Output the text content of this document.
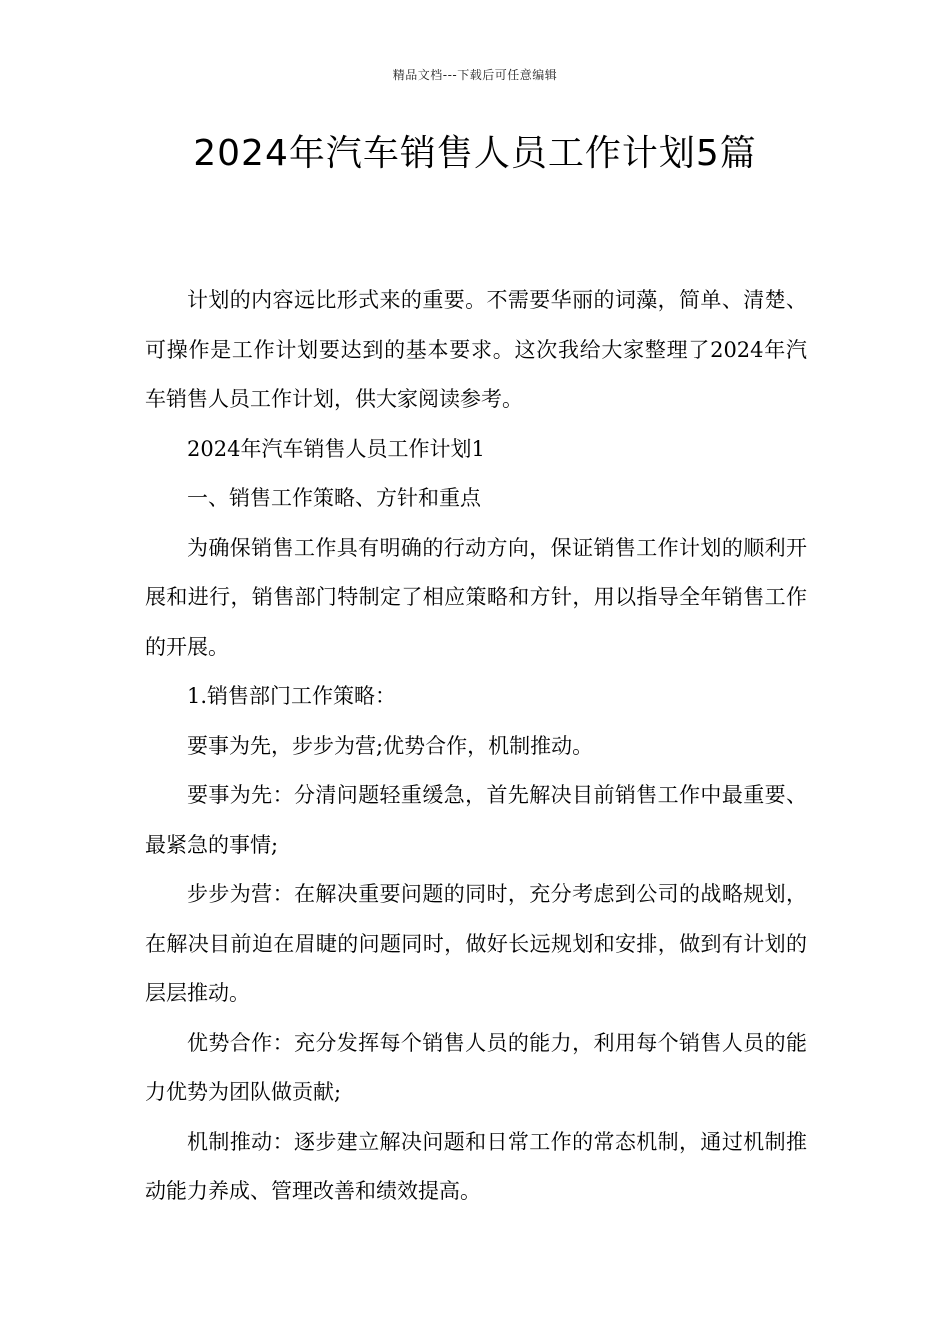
精品文档---下载后可任意编辑
2024年汽车销售人员工作计划5篇

计划的内容远比形式来的重要。不需要华丽的词藻，简单、清楚、可操作是工作计划要达到的基本要求。这次我给大家整理了2024年汽车销售人员工作计划，供大家阅读参考。

2024年汽车销售人员工作计划1

一、销售工作策略、方针和重点

为确保销售工作具有明确的行动方向，保证销售工作计划的顺利开展和进行，销售部门特制定了相应策略和方针，用以指导全年销售工作的开展。

1.销售部门工作策略：

要事为先，步步为营;优势合作，机制推动。

要事为先：分清问题轻重缓急，首先解决目前销售工作中最重要、最紧急的事情;

步步为营：在解决重要问题的同时，充分考虑到公司的战略规划，在解决目前迫在眉睫的问题同时，做好长远规划和安排，做到有计划的层层推动。

优势合作：充分发挥每个销售人员的能力，利用每个销售人员的能力优势为团队做贡献;

机制推动：逐步建立解决问题和日常工作的常态机制，通过机制推动能力养成、管理改善和绩效提高。
